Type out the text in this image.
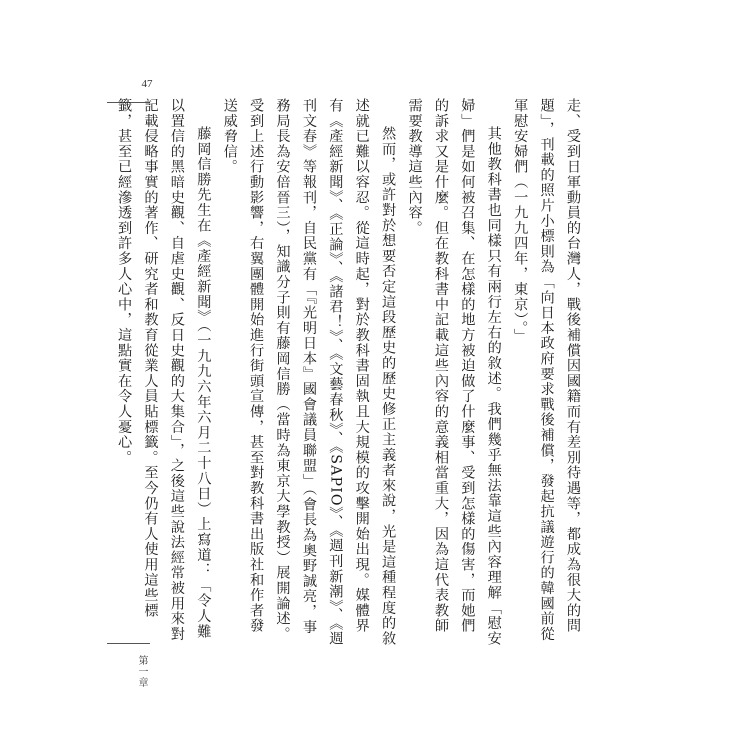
47

走、受到日軍動員的台灣人，戰後補償因國籍而有差別待遇等，都成為很大的問題」，刊載的照片小標則為「向日本政府要求戰後補償，發起抗議遊行的韓國前從軍慰安婦們（一九九四年，東京）。」

其他教科書也同樣只有兩行左右的敘述。我們幾乎無法靠這些內容理解「慰安婦」們是如何被召集、在怎樣的地方被迫做了什麼事、受到怎樣的傷害，而她們的訴求又是什麼。但在教科書中記載這些內容的意義相當重大，因為這代表教師需要教導這些內容。

然而，或許對於想要否定這段歷史的歷史修正主義者來說，光是這種程度的敘述就已難以容忍。從這時起，對於教科書固執且大規模的攻擊開始出現。媒體界有《產經新聞》、《正論》、《諸君！》、《文藝春秋》、《SAPIO》、《週刊新潮》、《週刊文春》等報刊，自民黨有「『光明日本』國會議員聯盟」（會長為奧野誠亮，事務局長為安倍晉三），知識分子則有藤岡信勝（當時為東京大學教授）展開論述。受到上述行動影響，右翼團體開始進行街頭宣傳，甚至對教科書出版社和作者發送威脅信。

藤岡信勝先生在《產經新聞》（一九九六年六月二十八日）上寫道：「令人難以置信的黑暗史觀、自虐史觀、反日史觀的大集合」，之後這些說法經常被用來對記載侵略事實的著作、研究者和教育從業人員貼標籤。至今仍有人使用這些標籤，甚至已經滲透到許多人心中，這點實在令人憂心。

第一章
